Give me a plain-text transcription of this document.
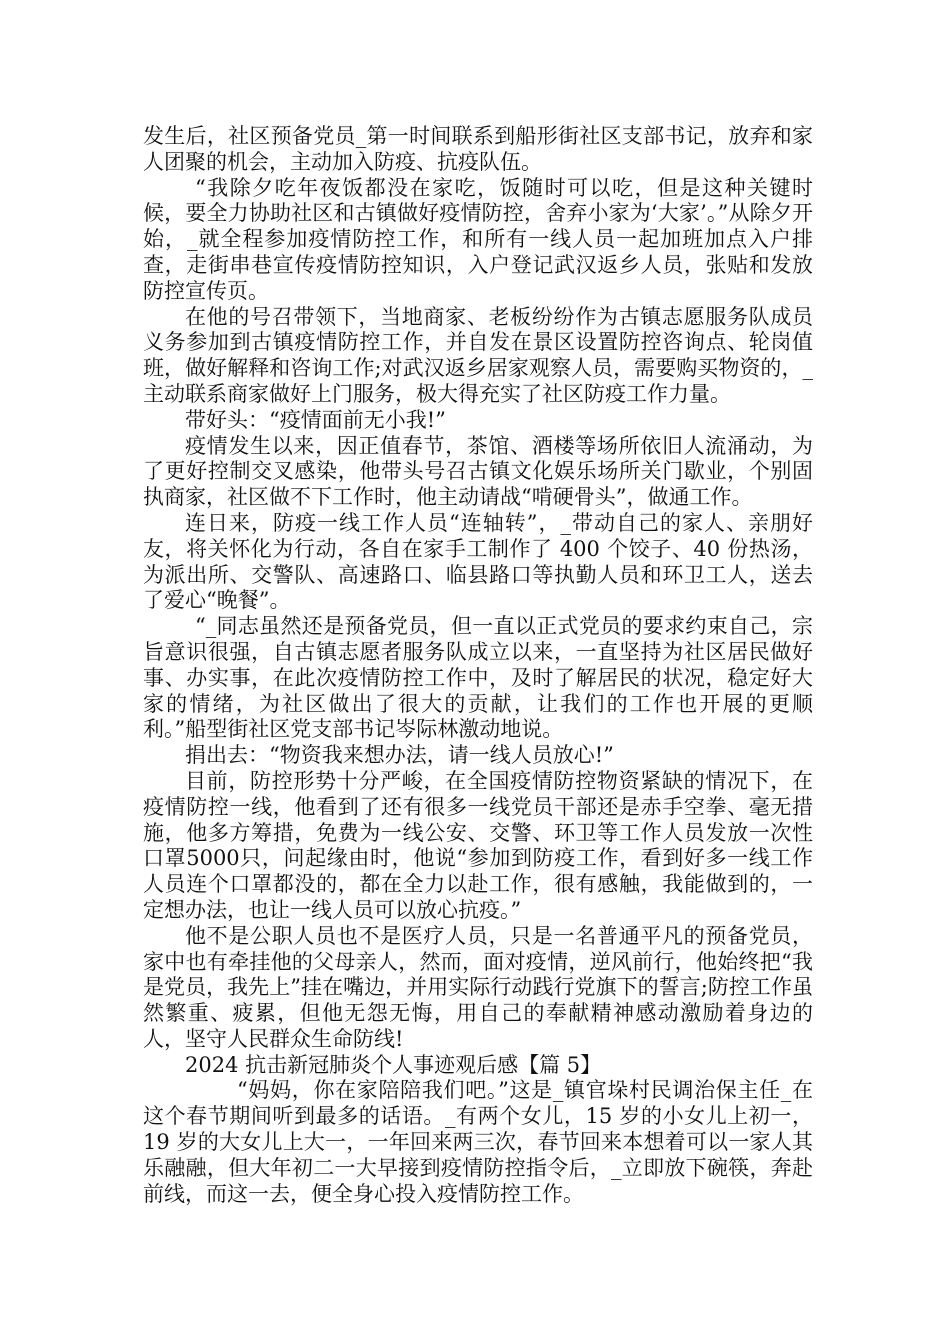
发生后，社区预备党员_第一时间联系到船形街社区支部书记，放弃和家人团聚的机会，主动加入防疫、抗疫队伍。

“我除夕吃年夜饭都没在家吃，饭随时可以吃，但是这种关键时候，要全力协助社区和古镇做好疫情防控，舍弃小家为‘大家’。”从除夕开始，_就全程参加疫情防控工作，和所有一线人员一起加班加点入户排查，走街串巷宣传疫情防控知识，入户登记武汉返乡人员，张贴和发放防控宣传页。

在他的号召带领下，当地商家、老板纷纷作为古镇志愿服务队成员义务参加到古镇疫情防控工作，并自发在景区设置防控咨询点、轮岗值班，做好解释和咨询工作;对武汉返乡居家观察人员，需要购买物资的，_主动联系商家做好上门服务，极大得充实了社区防疫工作力量。

带好头：“疫情面前无小我!”

疫情发生以来，因正值春节，茶馆、酒楼等场所依旧人流涌动，为了更好控制交叉感染，他带头号召古镇文化娱乐场所关门歇业，个别固执商家，社区做不下工作时，他主动请战“啃硬骨头”，做通工作。

连日来，防疫一线工作人员“连轴转”，_带动自己的家人、亲朋好友，将关怀化为行动，各自在家手工制作了 400 个饺子、40 份热汤，为派出所、交警队、高速路口、临县路口等执勤人员和环卫工人，送去了爱心“晚餐”。

“_同志虽然还是预备党员，但一直以正式党员的要求约束自己，宗旨意识很强，自古镇志愿者服务队成立以来，一直坚持为社区居民做好事、办实事，在此次疫情防控工作中，及时了解居民的状况，稳定好大家的情绪，为社区做出了很大的贡献，让我们的工作也开展的更顺利。”船型街社区党支部书记岑际林激动地说。

捐出去：“物资我来想办法，请一线人员放心!”

目前，防控形势十分严峻，在全国疫情防控物资紧缺的情况下，在疫情防控一线，他看到了还有很多一线党员干部还是赤手空拳、毫无措施，他多方筹措，免费为一线公安、交警、环卫等工作人员发放一次性口罩5000只，问起缘由时，他说“参加到防疫工作，看到好多一线工作人员连个口罩都没的，都在全力以赴工作，很有感触，我能做到的，一定想办法，也让一线人员可以放心抗疫。”

他不是公职人员也不是医疗人员，只是一名普通平凡的预备党员，家中也有牵挂他的父母亲人，然而，面对疫情，逆风前行，他始终把“我是党员，我先上”挂在嘴边，并用实际行动践行党旗下的誓言;防控工作虽然繁重、疲累，但他无怨无悔，用自己的奉献精神感动激励着身边的人，坚守人民群众生命防线!

2024 抗击新冠肺炎个人事迹观后感【篇 5】

“妈妈，你在家陪陪我们吧。”这是_镇官垛村民调治保主任_在这个春节期间听到最多的话语。_有两个女儿，15 岁的小女儿上初一，19 岁的大女儿上大一，一年回来两三次，春节回来本想着可以一家人其乐融融，但大年初二一大早接到疫情防控指令后，_立即放下碗筷，奔赴前线，而这一去，便全身心投入疫情防控工作。
